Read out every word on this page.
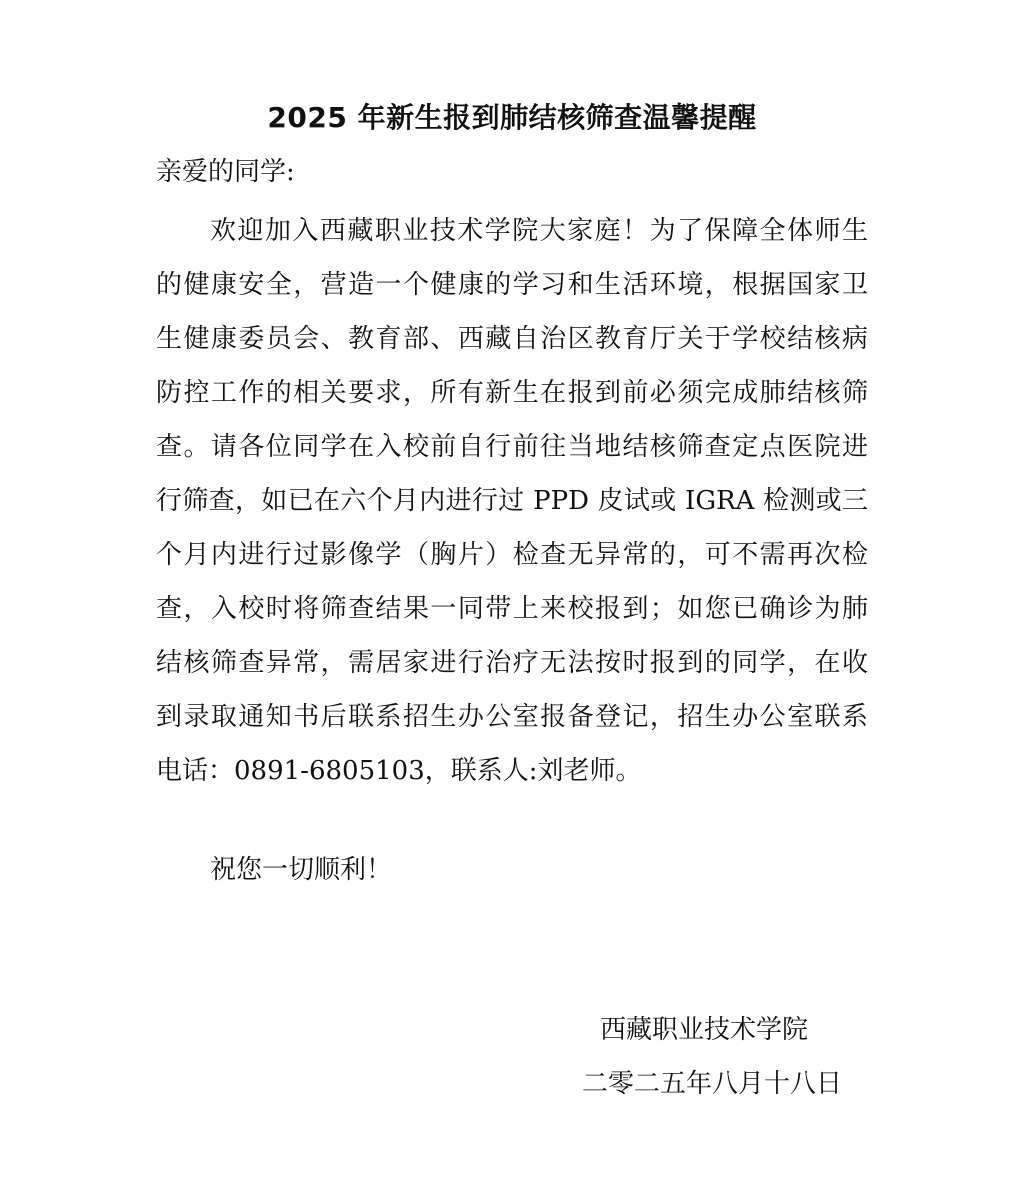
2025 年新生报到肺结核筛查温馨提醒
亲爱的同学:
欢迎加入西藏职业技术学院大家庭！为了保障全体师生
的健康安全，营造一个健康的学习和生活环境，根据国家卫
生健康委员会、教育部、西藏自治区教育厅关于学校结核病
防控工作的相关要求，所有新生在报到前必须完成肺结核筛
查。请各位同学在入校前自行前往当地结核筛查定点医院进
行筛查，如已在六个月内进行过 PPD 皮试或 IGRA 检测或三
个月内进行过影像学（胸片）检查无异常的，可不需再次检
查，入校时将筛查结果一同带上来校报到；如您已确诊为肺
结核筛查异常，需居家进行治疗无法按时报到的同学，在收
到录取通知书后联系招生办公室报备登记，招生办公室联系
电话：0891-6805103，联系人:刘老师。
祝您一切顺利！
西藏职业技术学院
二零二五年八月十八日
